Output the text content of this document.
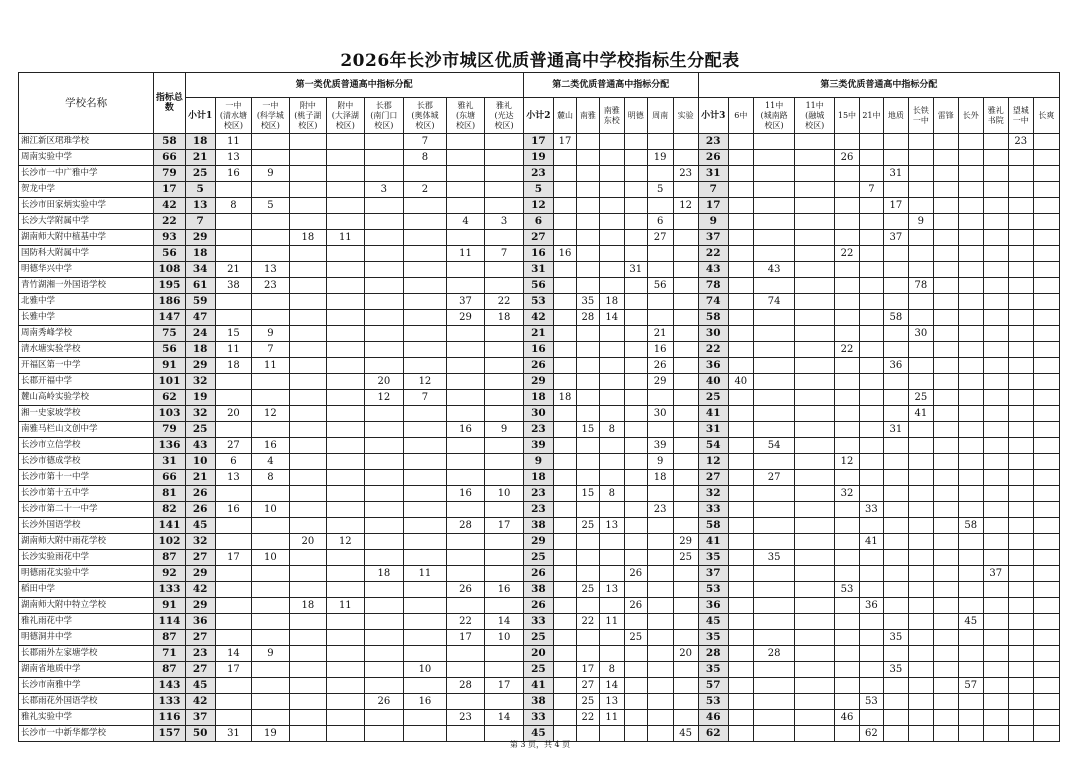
2026年长沙市城区优质普通高中学校指标生分配表
学校名称	指标总数	第一类优质普通高中指标分配									第二类优质普通高中指标分配							第三类优质普通高中指标分配												
		小计1	一中
(清水塘
校区)	一中
(科学城
校区)	附中
(桃子湖
校区)	附中
(大泽湖
校区)	长郡
(南门口
校区)	长郡
(奥体城
校区)	雅礼
(东塘
校区)	雅礼
(光达
校区)	小计2	麓山	南雅	南雅
东校	明德	周南	实验	小计3	6中	11中
(城南路
校区)	11中
(融城
校区)	15中	21中	地质	长铁
一中	雷锋	长外	雅礼
书院	望城
一中	长爽
湘江新区珺琟学校	58	18	11					7			17	17						23											23	
周南实验中学	66	21	13					8			19					19		26				26								
长沙市一中广雅中学	79	25	16	9							23						23	31						31						
贺龙中学	17	5					3	2			5					5		7					7							
长沙市田家炳实验中学	42	13	8	5							12						12	17						17						
长沙大学附属中学	22	7							4	3	6					6		9							9					
湖南师大附中植基中学	93	29			18	11					27					27		37						37						
国防科大附属中学	56	18							11	7	16	16						22				22								
明德华兴中学	108	34	21	13							31				31			43		43										
青竹湖湘一外国语学校	195	61	38	23							56					56		78							78					
北雅中学	186	59							37	22	53		35	18				74		74										
长雅中学	147	47							29	18	42		28	14				58						58						
周南秀峰学校	75	24	15	9							21					21		30							30					
清水塘实验学校	56	18	11	7							16					16		22				22								
开福区第一中学	91	29	18	11							26					26		36						36						
长郡开福中学	101	32					20	12			29					29		40	40											
麓山高岭实验学校	62	19					12	7			18	18						25							25					
湘一史家坡学校	103	32	20	12							30					30		41							41					
南雅马栏山文创中学	79	25							16	9	23		15	8				31						31						
长沙市立信学校	136	43	27	16							39					39		54		54										
长沙市德成学校	31	10	6	4							9					9		12				12								
长沙市第十一中学	66	21	13	8							18					18		27		27										
长沙市第十五中学	81	26							16	10	23		15	8				32				32								
长沙市第二十一中学	82	26	16	10							23					23		33					33							
长沙外国语学校	141	45							28	17	38		25	13				58									58			
湖南师大附中雨花学校	102	32			20	12					29						29	41					41							
长沙实验雨花中学	87	27	17	10							25						25	35		35										
明德雨花实验中学	92	29					18	11			26				26			37										37		
稻田中学	133	42							26	16	38		25	13				53				53								
湖南师大附中特立学校	91	29			18	11					26				26			36					36							
雅礼雨花中学	114	36							22	14	33		22	11				45									45			
明德洞井中学	87	27							17	10	25				25			35						35						
长郡雨外左家塘学校	71	23	14	9							20						20	28		28										
湖南省地质中学	87	27	17					10			25		17	8				35						35						
长沙市南雅中学	143	45							28	17	41		27	14				57									57			
长郡雨花外国语学校	133	42					26	16			38		25	13				53					53							
雅礼实验中学	116	37							23	14	33		22	11				46				46								
长沙市一中新华都学校	157	50	31	19							45						45	62					62							
第 3 页，共 4 页
